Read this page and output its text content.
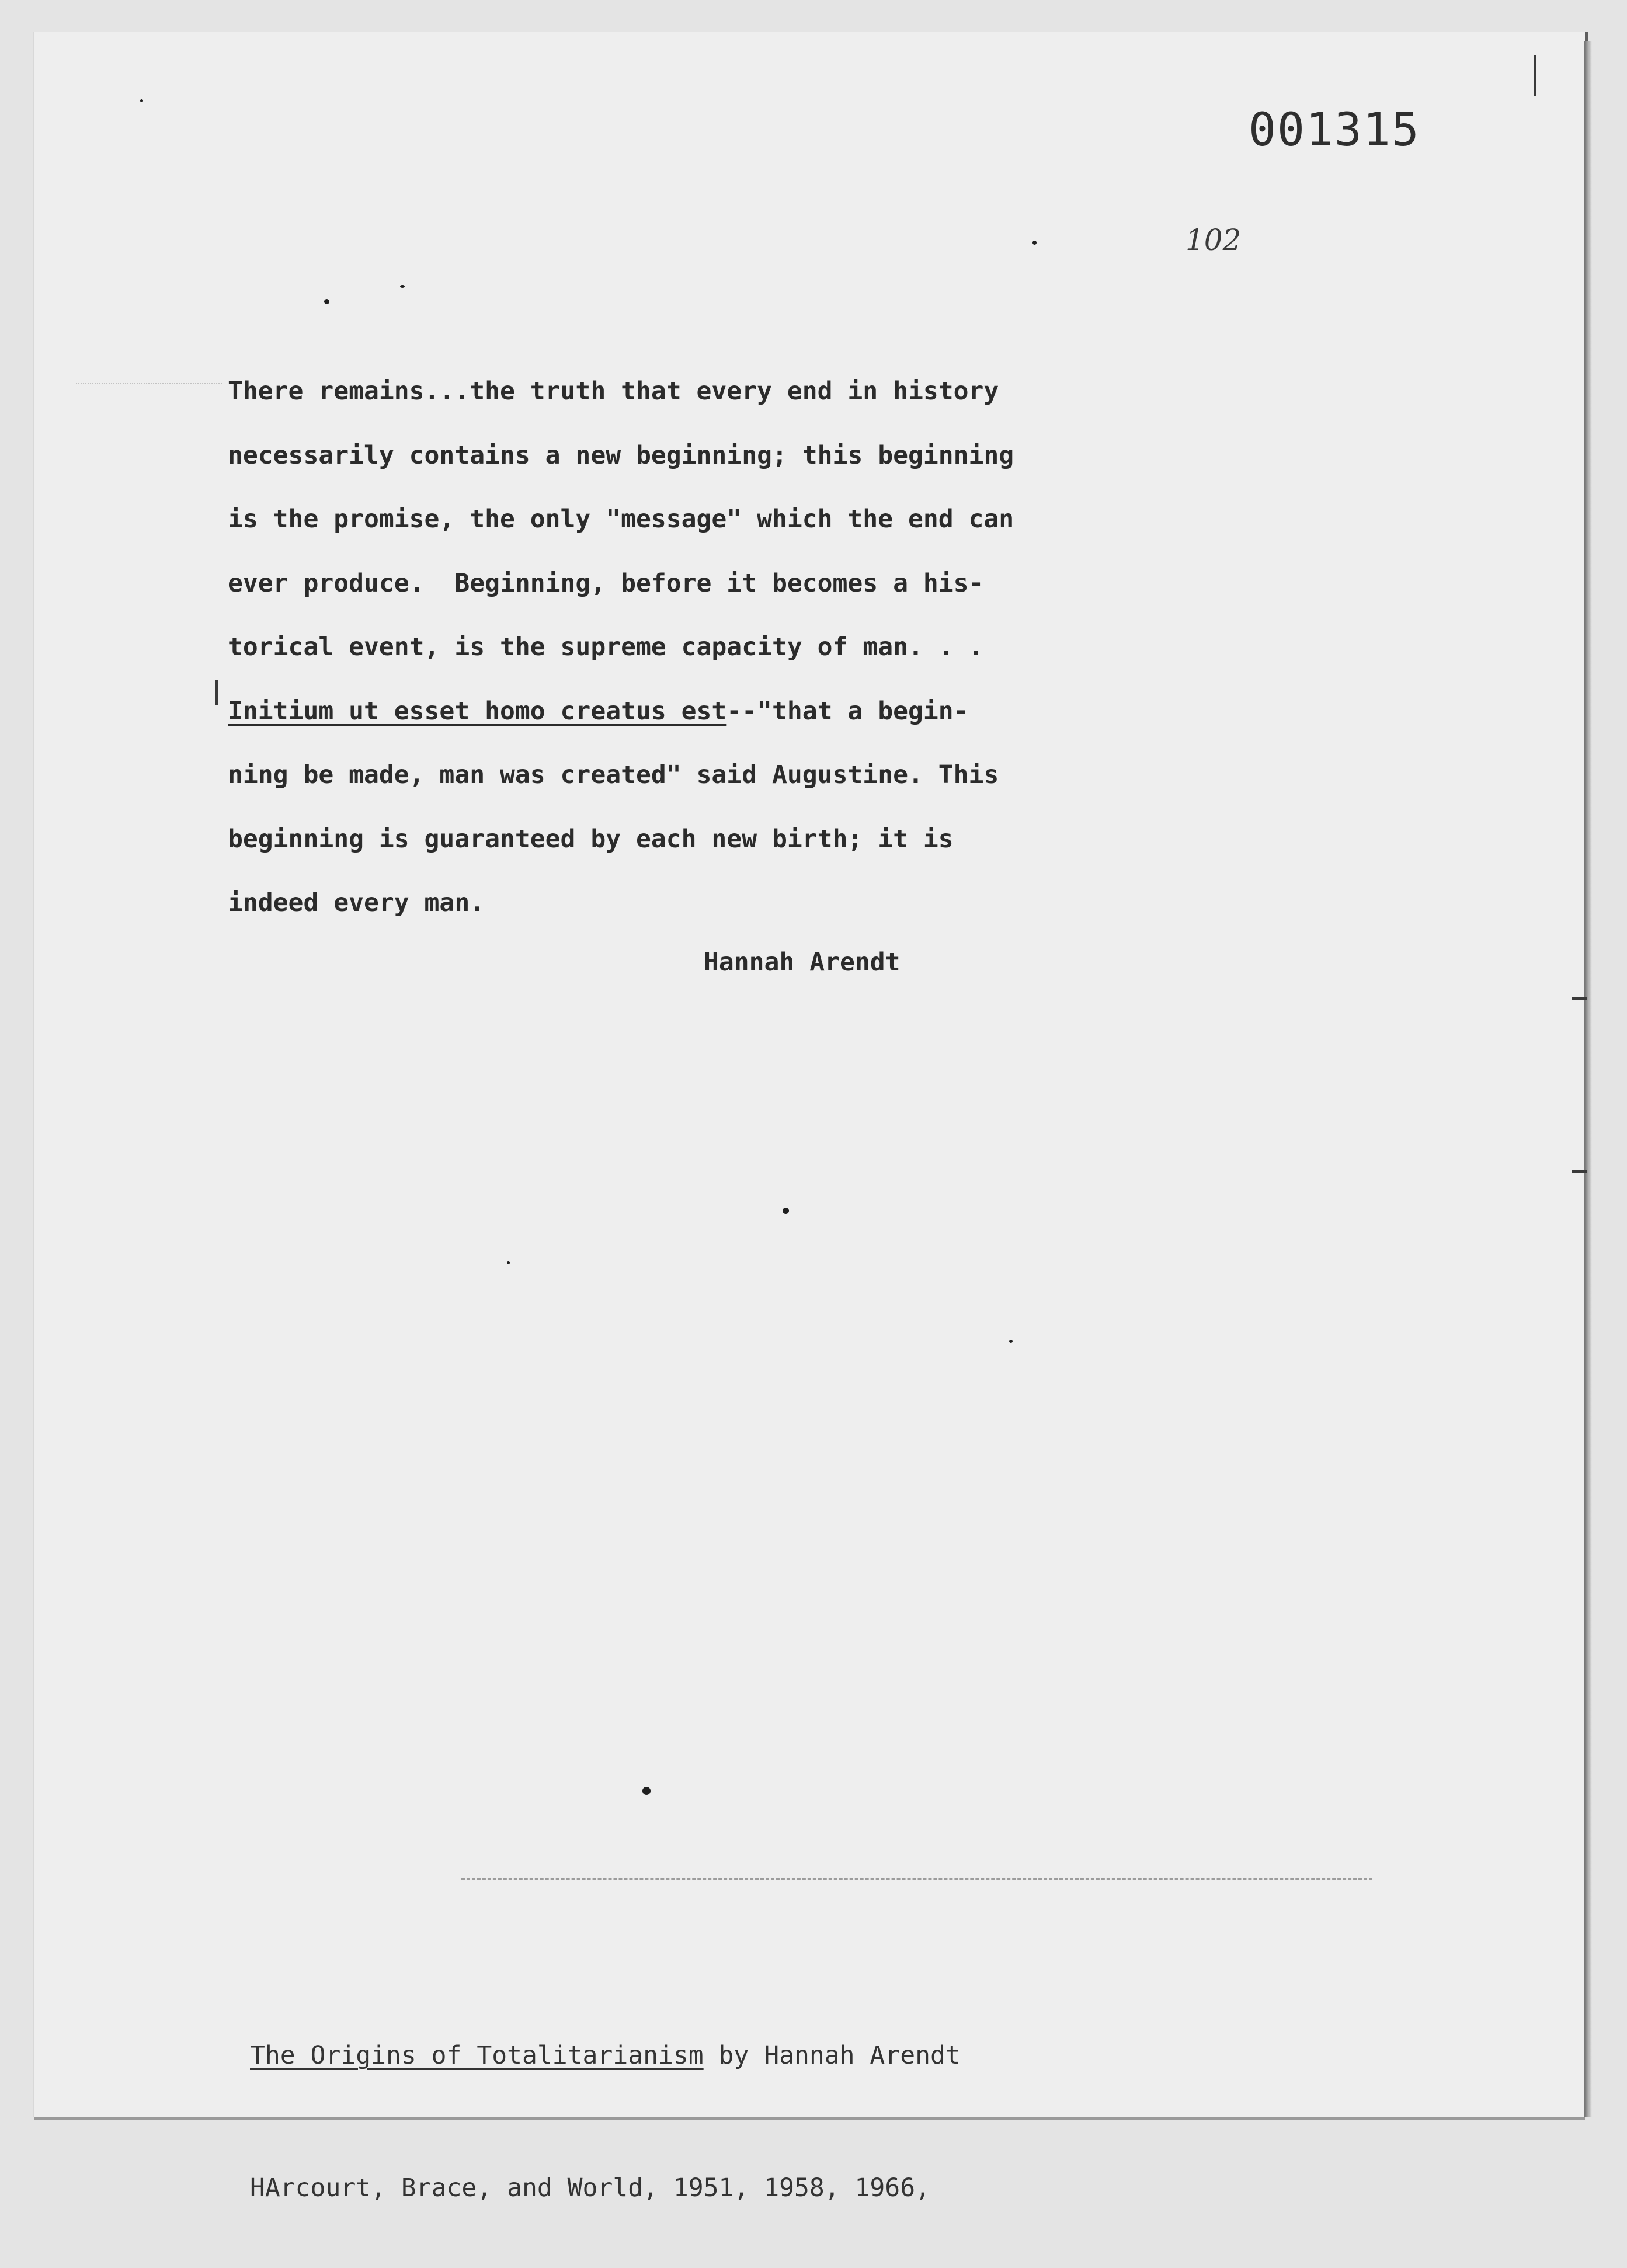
001315
102
There remains...the truth that every end in history
necessarily contains a new beginning; this beginning
is the promise, the only "message" which the end can
ever produce.  Beginning, before it becomes a his-
torical event, is the supreme capacity of man. . .
Initium ut esset homo creatus est--"that a begin-
ning be made, man was created" said Augustine. This
beginning is guaranteed by each new birth; it is
indeed every man.
Hannah Arendt

The Origins of Totalitarianism by Hannah Arendt

HArcourt, Brace, and World, 1951, 1958, 1966,
